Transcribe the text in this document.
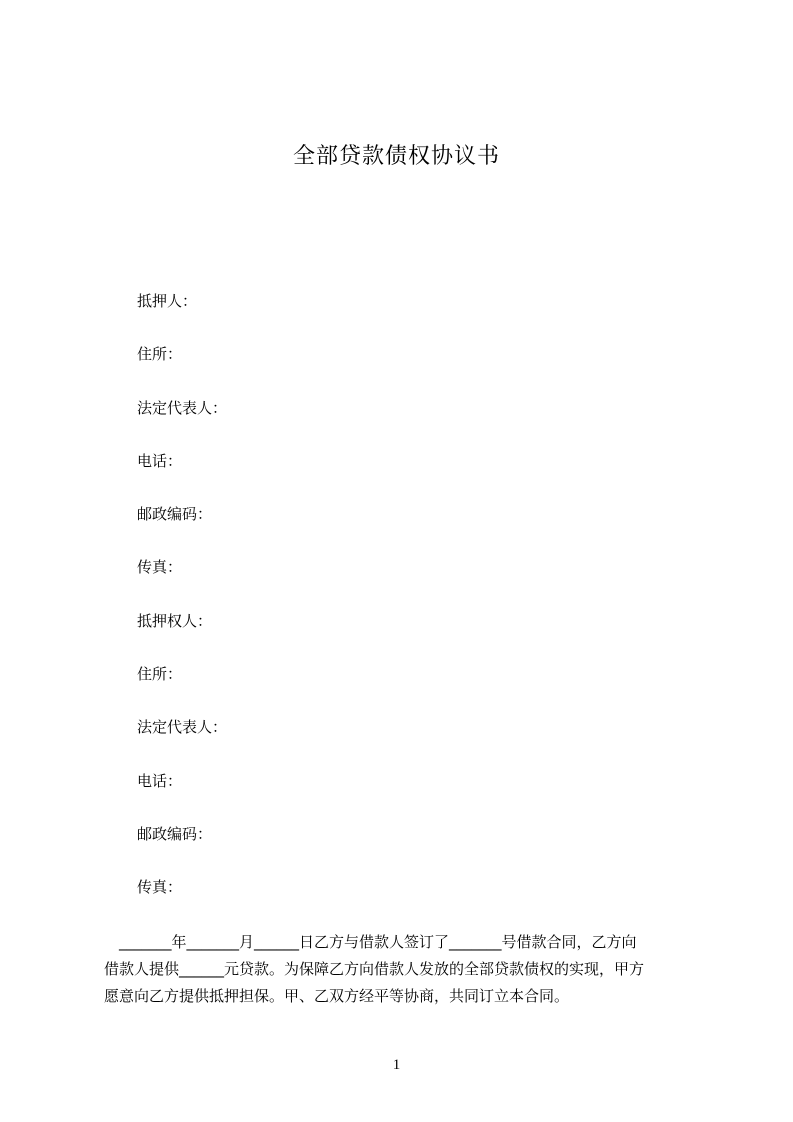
全部贷款债权协议书
抵押人：
住所：
法定代表人：
电话：
邮政编码：
传真：
抵押权人：
住所：
法定代表人：
电话：
邮政编码：
传真：

　_______年_______月______日乙方与借款人签订了_______号借款合同，乙方向
借款人提供______元贷款。为保障乙方向借款人发放的全部贷款债权的实现，甲方
愿意向乙方提供抵押担保。甲、乙双方经平等协商，共同订立本合同。

1
